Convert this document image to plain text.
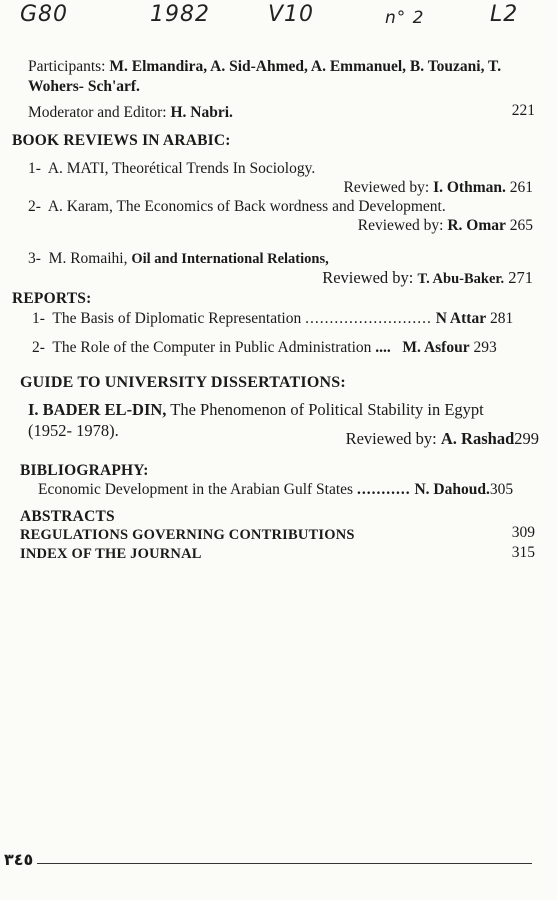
G80	1982	V10	n° 2	L2
Participants: M. Elmandira, A. Sid-Ahmed, A. Emmanuel, B. Touzani, T.
Wohers- Sch'arf.
Moderator and Editor: H. Nabri.	221
BOOK REVIEWS IN ARABIC:
1- A. MATI, Theorétical Trends In Sociology.
Reviewed by: I. Othman. 261
2- A. Karam, The Economics of Back wordness and Development.
Reviewed by: R. Omar 265
3- M. Romaihi, Oil and International Relations,
Reviewed by: T. Abu-Baker. 271
REPORTS:
1- The Basis of Diplomatic Representation .......................... N Attar 281
2- The Role of the Computer in Public Administration .... M. Asfour 293
GUIDE TO UNIVERSITY DISSERTATIONS:
I. BADER EL-DIN, The Phenomenon of Political Stability in Egypt
(1952- 1978).	Reviewed by: A. Rashad299
BIBLIOGRAPHY:
Economic Development in the Arabian Gulf States ........... N. Dahoud.305
ABSTRACTS
REGULATIONS GOVERNING CONTRIBUTIONS	309
INDEX OF THE JOURNAL	315
٣٤٥
